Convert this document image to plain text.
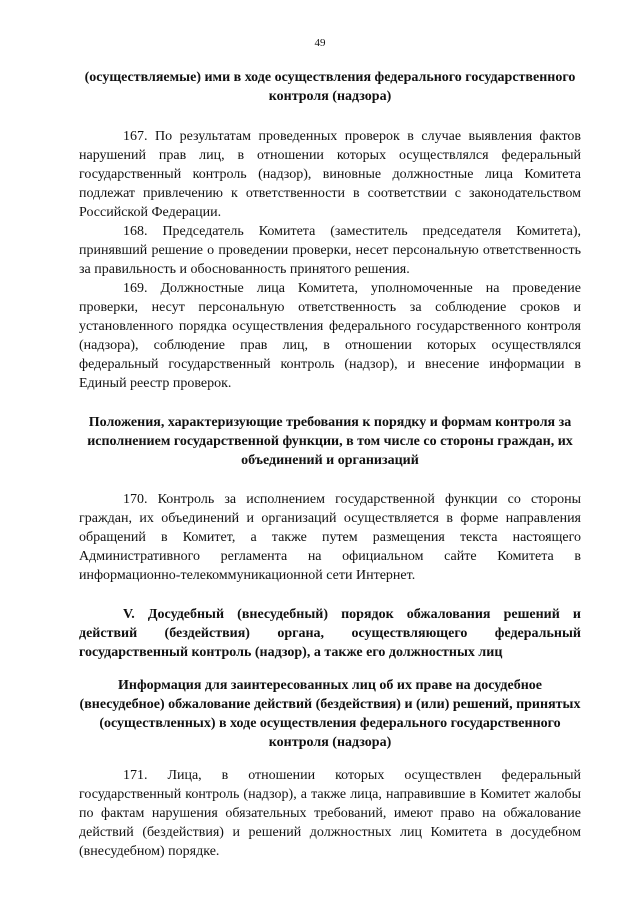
49

(осуществляемые) ими в ходе осуществления федерального государственного контроля (надзора)

167. По результатам проведенных проверок в случае выявления фактов нарушений прав лиц, в отношении которых осуществлялся федеральный государственный контроль (надзор), виновные должностные лица Комитета подлежат привлечению к ответственности в соответствии с законодательством Российской Федерации.

168. Председатель Комитета (заместитель председателя Комитета), принявший решение о проведении проверки, несет персональную ответственность за правильность и обоснованность принятого решения.

169. Должностные лица Комитета, уполномоченные на проведение проверки, несут персональную ответственность за соблюдение сроков и установленного порядка осуществления федерального государственного контроля (надзора), соблюдение прав лиц, в отношении которых осуществлялся федеральный государственный контроль (надзор), и внесение информации в Единый реестр проверок.

Положения, характеризующие требования к порядку и формам контроля за исполнением государственной функции, в том числе со стороны граждан, их объединений и организаций

170. Контроль за исполнением государственной функции со стороны граждан, их объединений и организаций осуществляется в форме направления обращений в Комитет, а также путем размещения текста настоящего Административного регламента на официальном сайте Комитета в информационно-телекоммуникационной сети Интернет.

V. Досудебный (внесудебный) порядок обжалования решений и действий (бездействия) органа, осуществляющего федеральный государственный контроль (надзор), а также его должностных лиц

Информация для заинтересованных лиц об их праве на досудебное (внесудебное) обжалование действий (бездействия) и (или) решений, принятых (осуществленных) в ходе осуществления федерального государственного контроля (надзора)

171. Лица, в отношении которых осуществлен федеральный государственный контроль (надзор), а также лица, направившие в Комитет жалобы по фактам нарушения обязательных требований, имеют право на обжалование действий (бездействия) и решений должностных лиц Комитета в досудебном (внесудебном) порядке.
